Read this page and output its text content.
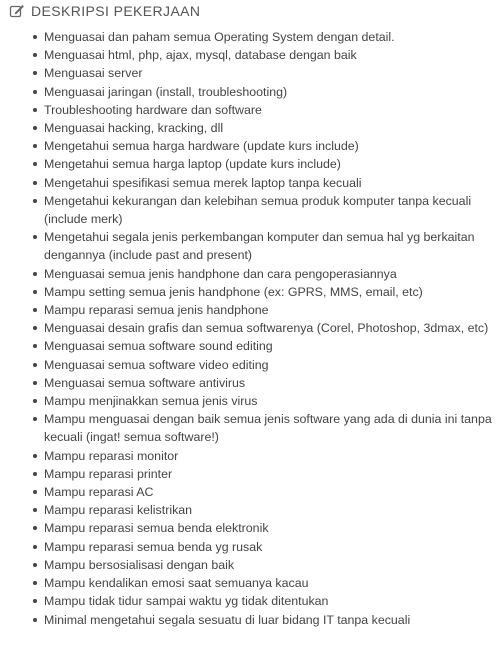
DESKRIPSI PEKERJAAN
Menguasai dan paham semua Operating System dengan detail.
Menguasai html, php, ajax, mysql, database dengan baik
Menguasai server
Menguasai jaringan (install, troubleshooting)
Troubleshooting hardware dan software
Menguasai hacking, kracking, dll
Mengetahui semua harga hardware (update kurs include)
Mengetahui semua harga laptop (update kurs include)
Mengetahui spesifikasi semua merek laptop tanpa kecuali
Mengetahui kekurangan dan kelebihan semua produk komputer tanpa kecuali (include merk)
Mengetahui segala jenis perkembangan komputer dan semua hal yg berkaitan dengannya (include past and present)
Menguasai semua jenis handphone dan cara pengoperasiannya
Mampu setting semua jenis handphone (ex: GPRS, MMS, email, etc)
Mampu reparasi semua jenis handphone
Menguasai desain grafis dan semua softwarenya (Corel, Photoshop, 3dmax, etc)
Menguasai semua software sound editing
Menguasai semua software video editing
Menguasai semua software antivirus
Mampu menjinakkan semua jenis virus
Mampu menguasai dengan baik semua jenis software yang ada di dunia ini tanpa kecuali (ingat! semua software!)
Mampu reparasi monitor
Mampu reparasi printer
Mampu reparasi AC
Mampu reparasi kelistrikan
Mampu reparasi semua benda elektronik
Mampu reparasi semua benda yg rusak
Mampu bersosialisasi dengan baik
Mampu kendalikan emosi saat semuanya kacau
Mampu tidak tidur sampai waktu yg tidak ditentukan
Minimal mengetahui segala sesuatu di luar bidang IT tanpa kecuali
